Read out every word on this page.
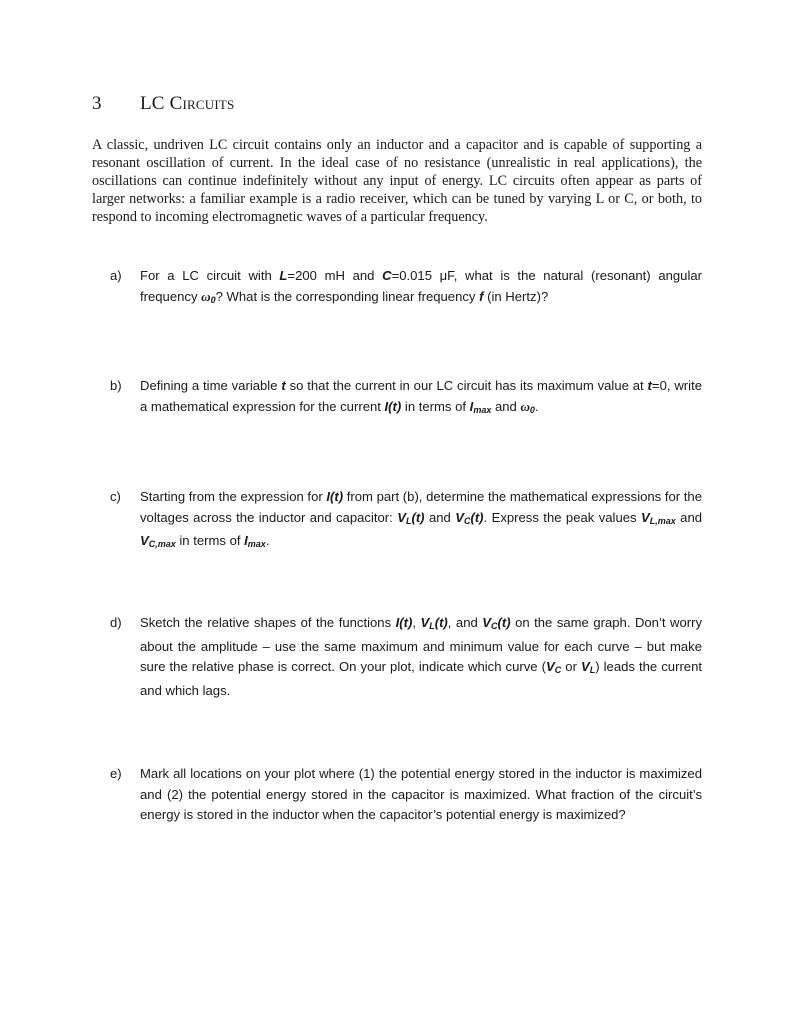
3 LC Circuits
A classic, undriven LC circuit contains only an inductor and a capacitor and is capable of supporting a resonant oscillation of current. In the ideal case of no resistance (unrealistic in real applications), the oscillations can continue indefinitely without any input of energy. LC circuits often appear as parts of larger networks: a familiar example is a radio receiver, which can be tuned by varying L or C, or both, to respond to incoming electromagnetic waves of a particular frequency.
a)	For a LC circuit with L=200 mH and C=0.015 μF, what is the natural (resonant) angular frequency $\omega_0$? What is the corresponding linear frequency f (in Hertz)?
b)	Defining a time variable t so that the current in our LC circuit has its maximum value at t=0, write a mathematical expression for the current I(t) in terms of $I_{max}$ and $\omega_0$.
c)	Starting from the expression for I(t) from part (b), determine the mathematical expressions for the voltages across the inductor and capacitor: $V_L(t)$ and $V_C(t)$. Express the peak values $V_{L,max}$ and $V_{C,max}$ in terms of $I_{max}$.
d)	Sketch the relative shapes of the functions I(t), $V_L(t)$, and $V_C(t)$ on the same graph. Don’t worry about the amplitude – use the same maximum and minimum value for each curve – but make sure the relative phase is correct. On your plot, indicate which curve ($V_C$ or $V_L$) leads the current and which lags.
e)	Mark all locations on your plot where (1) the potential energy stored in the inductor is maximized and (2) the potential energy stored in the capacitor is maximized. What fraction of the circuit’s energy is stored in the inductor when the capacitor’s potential energy is maximized?
